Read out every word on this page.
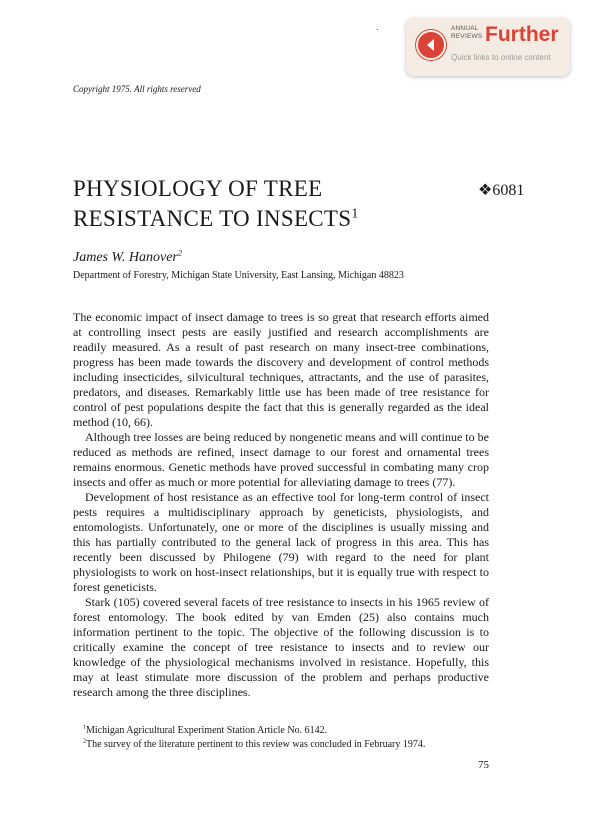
ANNUAL
REVIEWS Further
Quick links to online content
Copyright 1975. All rights reserved
PHYSIOLOGY OF TREE
RESISTANCE TO INSECTS$^1$
❖6081
James W. Hanover$^2$
Department of Forestry, Michigan State University, East Lansing, Michigan 48823

The economic impact of insect damage to trees is so great that research efforts aimed at controlling insect pests are easily justified and research accomplishments are readily measured. As a result of past research on many insect-tree combinations, progress has been made towards the discovery and development of control methods including insecticides, silvicultural techniques, attractants, and the use of parasites, predators, and diseases. Remarkably little use has been made of tree resistance for control of pest populations despite the fact that this is generally regarded as the ideal method (10, 66).

Although tree losses are being reduced by nongenetic means and will continue to be reduced as methods are refined, insect damage to our forest and ornamental trees remains enormous. Genetic methods have proved successful in combating many crop insects and offer as much or more potential for alleviating damage to trees (77).

Development of host resistance as an effective tool for long-term control of insect pests requires a multidisciplinary approach by geneticists, physiologists, and entomologists. Unfortunately, one or more of the disciplines is usually missing and this has partially contributed to the general lack of progress in this area. This has recently been discussed by Philogene (79) with regard to the need for plant physiologists to work on host-insect relationships, but it is equally true with respect to forest geneticists.

Stark (105) covered several facets of tree resistance to insects in his 1965 review of forest entomology. The book edited by van Emden (25) also contains much information pertinent to the topic. The objective of the following discussion is to critically examine the concept of tree resistance to insects and to review our knowledge of the physiological mechanisms involved in resistance. Hopefully, this may at least stimulate more discussion of the problem and perhaps productive research among the three disciplines.

$^1$Michigan Agricultural Experiment Station Article No. 6142.
$^2$The survey of the literature pertinent to this review was concluded in February 1974.
75
